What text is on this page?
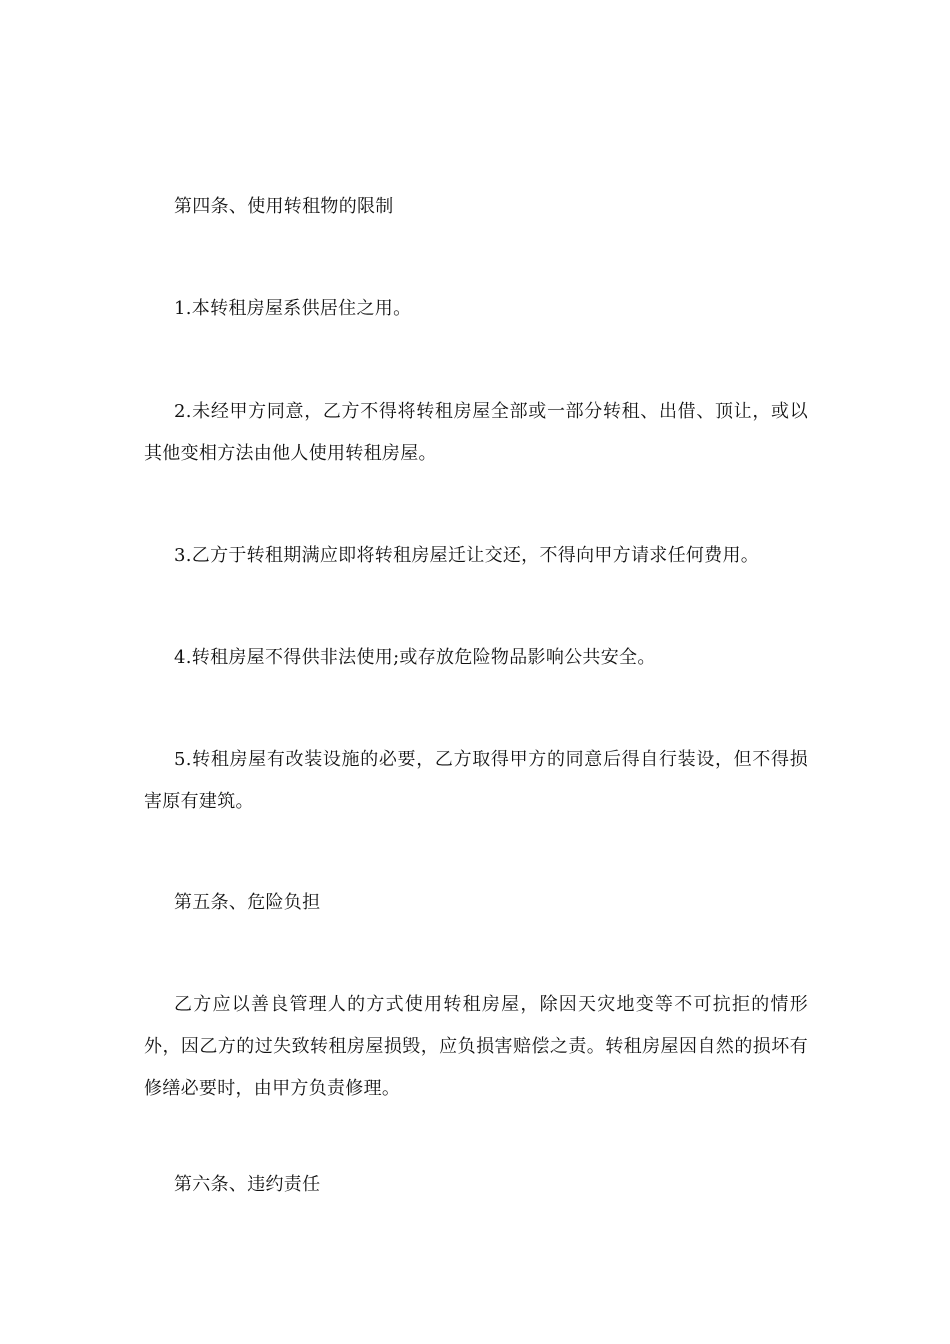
第四条、使用转租物的限制

1.本转租房屋系供居住之用。

2.未经甲方同意，乙方不得将转租房屋全部或一部分转租、出借、顶让，或以其他变相方法由他人使用转租房屋。

3.乙方于转租期满应即将转租房屋迁让交还，不得向甲方请求任何费用。

4.转租房屋不得供非法使用;或存放危险物品影响公共安全。

5.转租房屋有改装设施的必要，乙方取得甲方的同意后得自行装设，但不得损害原有建筑。

第五条、危险负担

乙方应以善良管理人的方式使用转租房屋，除因天灾地变等不可抗拒的情形外，因乙方的过失致转租房屋损毁，应负损害赔偿之责。转租房屋因自然的损坏有修缮必要时，由甲方负责修理。

第六条、违约责任
